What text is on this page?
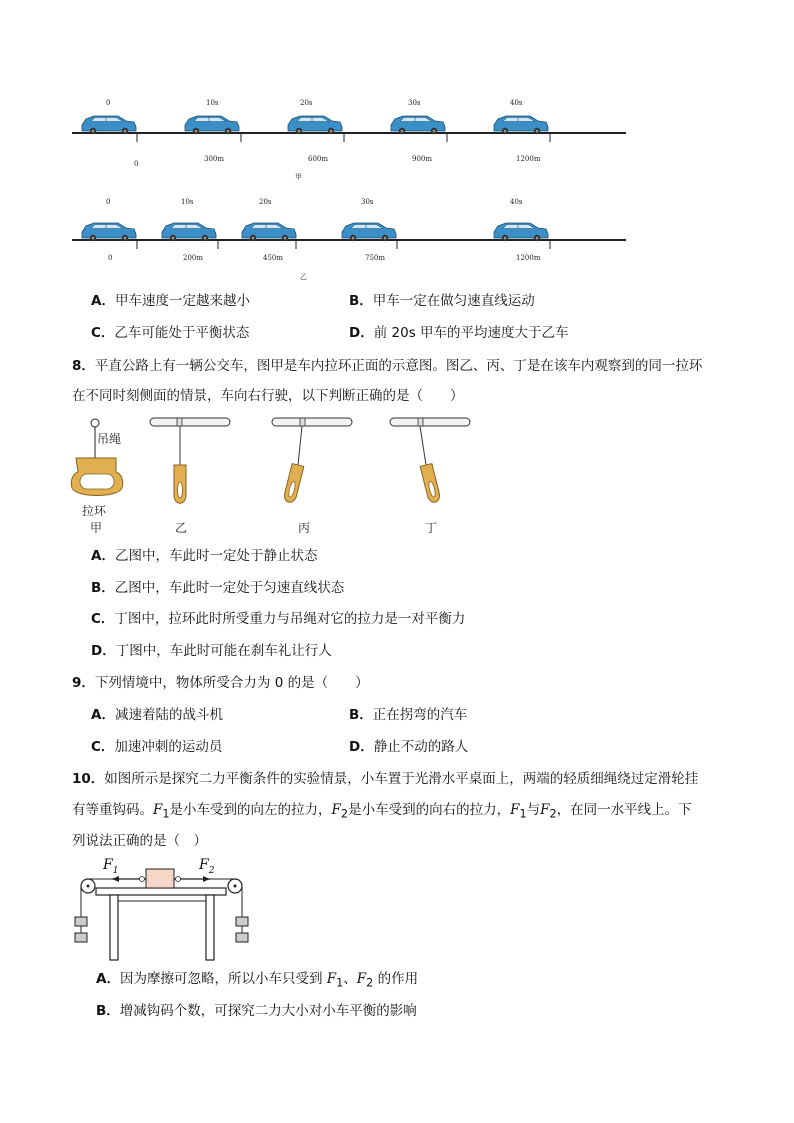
0	10s	20s	30s	40s
0
300m	600m	900m	1200m
甲
0	10s	20s	30s	40s
0	200m	450m	750m	1200m
乙
A．甲车速度一定越来越小	B．甲车一定在做匀速直线运动
C．乙车可能处于平衡状态	D．前 20s 甲车的平均速度大于乙车
8．平直公路上有一辆公交车，图甲是车内拉环正面的示意图。图乙、丙、丁是在该车内观察到的同一拉环
在不同时刻侧面的情景，车向右行驶，以下判断正确的是（　　）
吊绳
拉环
甲	乙	丙	丁
A．乙图中，车此时一定处于静止状态
B．乙图中，车此时一定处于匀速直线状态
C．丁图中，拉环此时所受重力与吊绳对它的拉力是一对平衡力
D．丁图中，车此时可能在刹车礼让行人
9．下列情境中，物体所受合力为 0 的是（　　）
A．减速着陆的战斗机	B．正在拐弯的汽车
C．加速冲刺的运动员	D．静止不动的路人
10．如图所示是探究二力平衡条件的实验情景，小车置于光滑水平桌面上，两端的轻质细绳绕过定滑轮挂
有等重钩码。$F_1$是小车受到的向左的拉力，$F_2$是小车受到的向右的拉力，$F_1$与$F_2$，在同一水平线上。下
列说法正确的是（　）
$F_1$	$F_2$
A．因为摩擦可忽略，所以小车只受到 $F_1$、$F_2$ 的作用
B．增减钩码个数，可探究二力大小对小车平衡的影响
